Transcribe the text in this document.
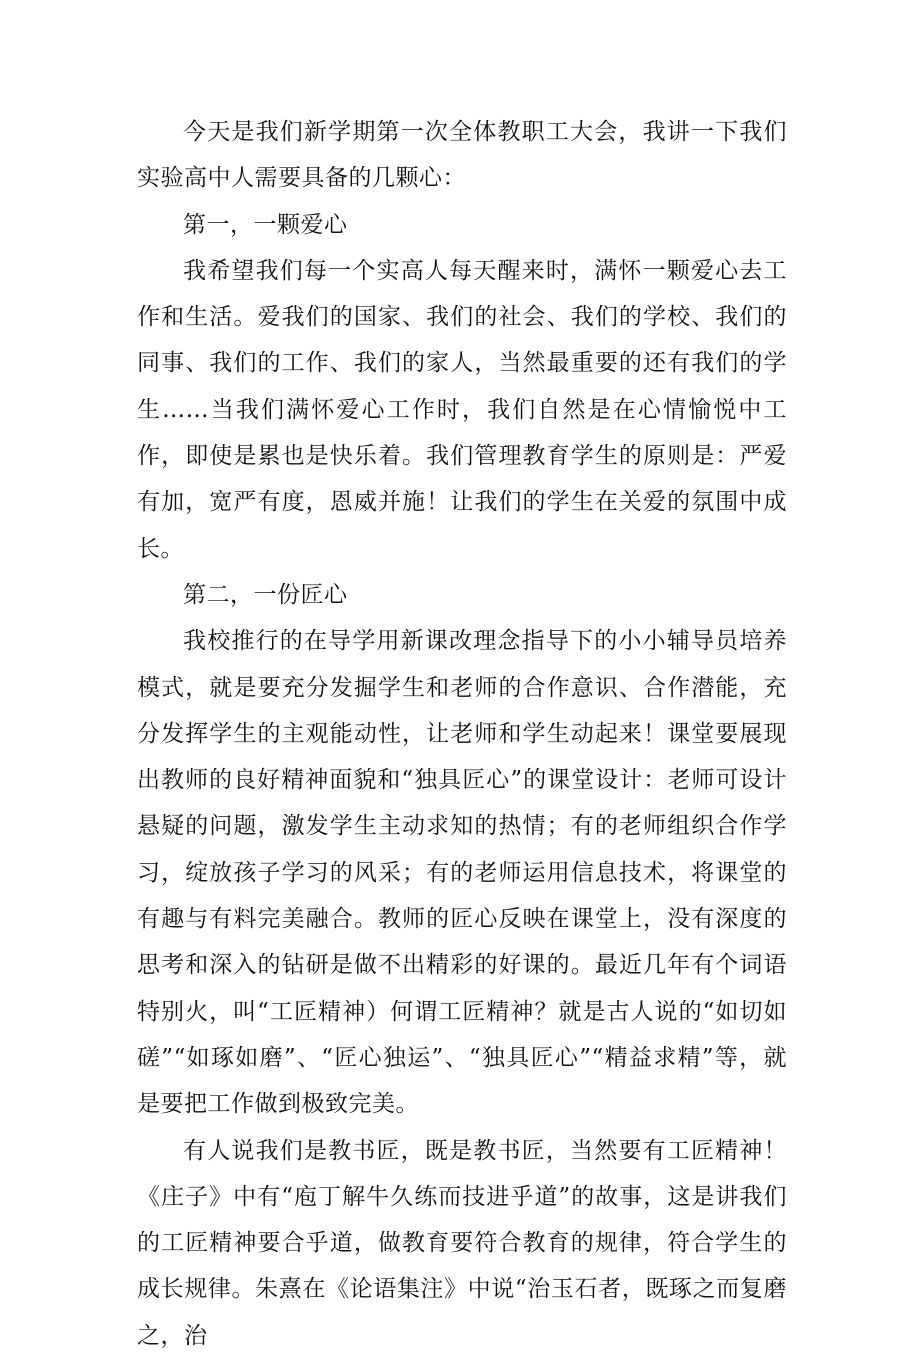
今天是我们新学期第一次全体教职工大会，我讲一下我们实验高中人需要具备的几颗心：

第一，一颗爱心

我希望我们每一个实高人每天醒来时，满怀一颗爱心去工作和生活。爱我们的国家、我们的社会、我们的学校、我们的同事、我们的工作、我们的家人，当然最重要的还有我们的学生……当我们满怀爱心工作时，我们自然是在心情愉悦中工作，即使是累也是快乐着。我们管理教育学生的原则是：严爱有加，宽严有度，恩威并施！让我们的学生在关爱的氛围中成长。

第二，一份匠心

我校推行的在导学用新课改理念指导下的小小辅导员培养模式，就是要充分发掘学生和老师的合作意识、合作潜能，充分发挥学生的主观能动性，让老师和学生动起来！课堂要展现出教师的良好精神面貌和“独具匠心”的课堂设计：老师可设计悬疑的问题，激发学生主动求知的热情；有的老师组织合作学习，绽放孩子学习的风采；有的老师运用信息技术，将课堂的有趣与有料完美融合。教师的匠心反映在课堂上，没有深度的思考和深入的钻研是做不出精彩的好课的。最近几年有个词语特别火，叫“工匠精神）何谓工匠精神？就是古人说的“如切如磋”“如琢如磨”、“匠心独运”、“独具匠心”“精益求精”等，就是要把工作做到极致完美。

有人说我们是教书匠，既是教书匠，当然要有工匠精神！《庄子》中有“庖丁解牛久练而技进乎道”的故事，这是讲我们的工匠精神要合乎道，做教育要符合教育的规律，符合学生的成长规律。朱熹在《论语集注》中说“治玉石者，既琢之而复磨之，治
